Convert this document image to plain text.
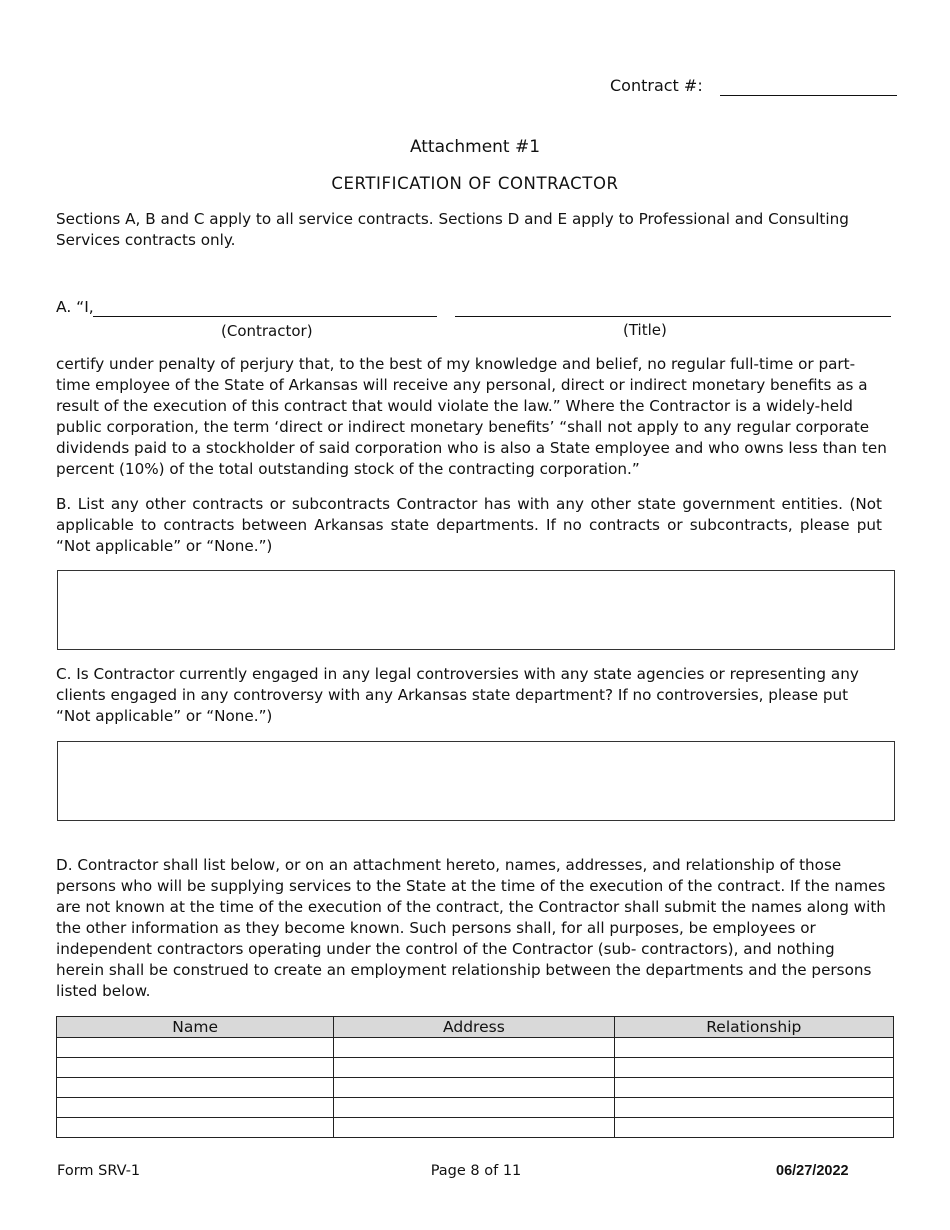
Contract #:
Attachment #1
CERTIFICATION OF CONTRACTOR
Sections A, B and C apply to all service contracts. Sections D and E apply to Professional and Consulting Services contracts only.
A. “I,
(Contractor)	(Title)
certify under penalty of perjury that, to the best of my knowledge and belief, no regular full-time or part- time employee of the State of Arkansas will receive any personal, direct or indirect monetary benefits as a result of the execution of this contract that would violate the law.” Where the Contractor is a widely-held public corporation, the term ‘direct or indirect monetary benefits’ “shall not apply to any regular corporate dividends paid to a stockholder of said corporation who is also a State employee and who owns less than ten percent (10%) of the total outstanding stock of the contracting corporation.”
B. List any other contracts or subcontracts Contractor has with any other state government entities. (Not applicable to contracts between Arkansas state departments. If no contracts or subcontracts, please put “Not applicable” or “None.”)
C. Is Contractor currently engaged in any legal controversies with any state agencies or representing any clients engaged in any controversy with any Arkansas state department? If no controversies, please put “Not applicable” or “None.”)
D. Contractor shall list below, or on an attachment hereto, names, addresses, and relationship of those persons who will be supplying services to the State at the time of the execution of the contract. If the names are not known at the time of the execution of the contract, the Contractor shall submit the names along with the other information as they become known. Such persons shall, for all purposes, be employees or independent contractors operating under the control of the Contractor (sub- contractors), and nothing herein shall be construed to create an employment relationship between the departments and the persons listed below.
Name	Address	Relationship

Form SRV-1	Page 8 of 11	06/27/2022
